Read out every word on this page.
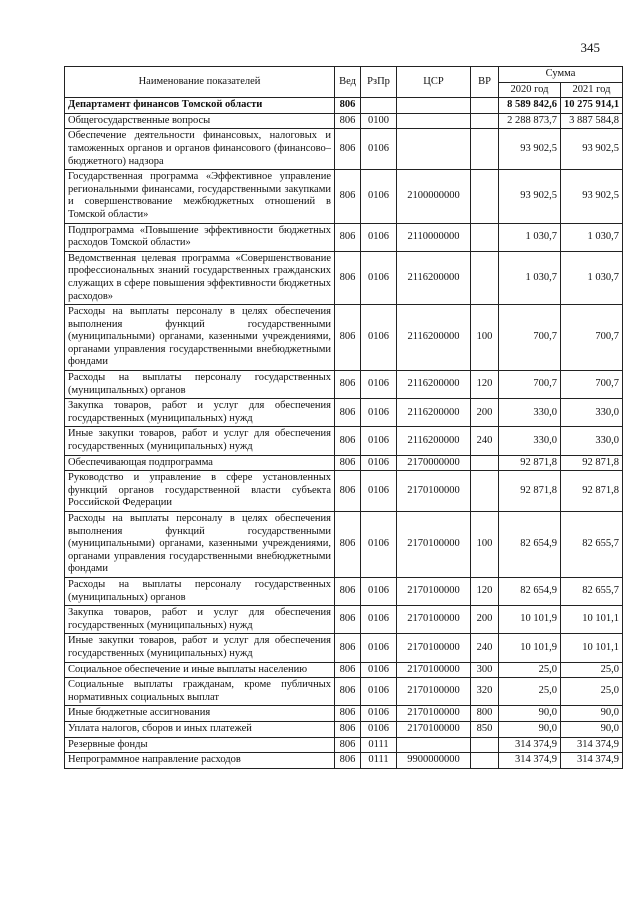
345
Наименование показателей	Вед	РзПр	ЦСР	ВР	Сумма	
					2020 год	2021 год
Департамент финансов Томской области	806				8 589 842,6	10 275 914,1
Общегосударственные вопросы	806	0100			2 288 873,7	3 887 584,8
Обеспечение деятельности финансовых, налоговых и таможенных органов и органов финансового (финансово–бюджетного) надзора	806	0106			93 902,5	93 902,5
Государственная программа «Эффективное управление региональными финансами, государственными закупками и совершенствование межбюджетных отношений в Томской области»	806	0106	2100000000		93 902,5	93 902,5
Подпрограмма «Повышение эффективности бюджетных расходов Томской области»	806	0106	2110000000		1 030,7	1 030,7
Ведомственная целевая программа «Совершенствование профессиональных знаний государственных гражданских служащих в сфере повышения эффективности бюджетных расходов»	806	0106	2116200000		1 030,7	1 030,7
Расходы на выплаты персоналу в целях обеспечения выполнения функций государственными (муниципальными) органами, казенными учреждениями, органами управления государственными внебюджетными фондами	806	0106	2116200000	100	700,7	700,7
Расходы на выплаты персоналу государственных (муниципальных) органов	806	0106	2116200000	120	700,7	700,7
Закупка товаров, работ и услуг для обеспечения государственных (муниципальных) нужд	806	0106	2116200000	200	330,0	330,0
Иные закупки товаров, работ и услуг для обеспечения государственных (муниципальных) нужд	806	0106	2116200000	240	330,0	330,0
Обеспечивающая подпрограмма	806	0106	2170000000		92 871,8	92 871,8
Руководство и управление в сфере установленных функций органов государственной власти субъекта Российской Федерации	806	0106	2170100000		92 871,8	92 871,8
Расходы на выплаты персоналу в целях обеспечения выполнения функций государственными (муниципальными) органами, казенными учреждениями, органами управления государственными внебюджетными фондами	806	0106	2170100000	100	82 654,9	82 655,7
Расходы на выплаты персоналу государственных (муниципальных) органов	806	0106	2170100000	120	82 654,9	82 655,7
Закупка товаров, работ и услуг для обеспечения государственных (муниципальных) нужд	806	0106	2170100000	200	10 101,9	10 101,1
Иные закупки товаров, работ и услуг для обеспечения государственных (муниципальных) нужд	806	0106	2170100000	240	10 101,9	10 101,1
Социальное обеспечение и иные выплаты населению	806	0106	2170100000	300	25,0	25,0
Социальные выплаты гражданам, кроме публичных нормативных социальных выплат	806	0106	2170100000	320	25,0	25,0
Иные бюджетные ассигнования	806	0106	2170100000	800	90,0	90,0
Уплата налогов, сборов и иных платежей	806	0106	2170100000	850	90,0	90,0
Резервные фонды	806	0111			314 374,9	314 374,9
Непрограммное направление расходов	806	0111	9900000000		314 374,9	314 374,9
